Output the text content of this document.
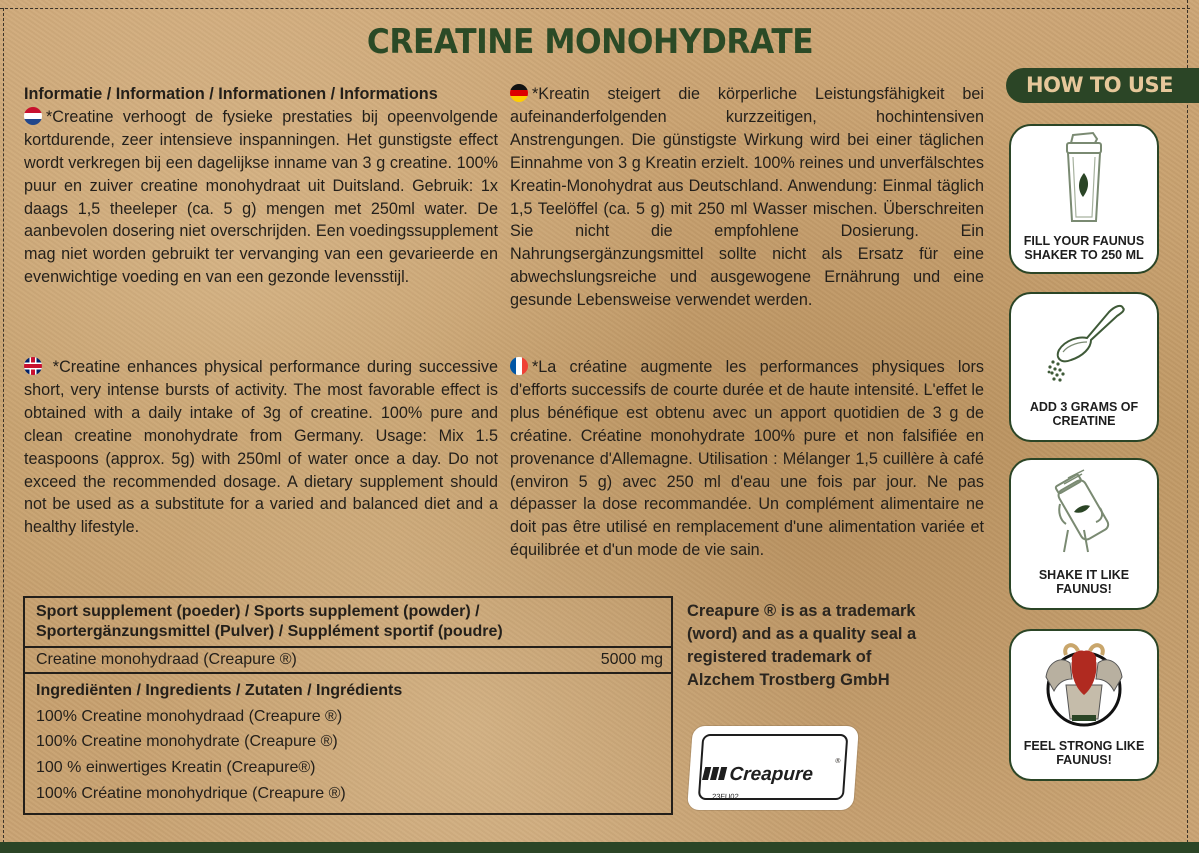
CREATINE MONOHYDRATE
Informatie / Information / Informationen / Informations

*Creatine verhoogt de fysieke prestaties bij opeenvolgende kortdurende, zeer intensieve inspanningen. Het gunstigste effect wordt verkregen bij een dagelijkse inname van 3 g creatine. 100% puur en zuiver creatine monohydraat uit Duitsland. Gebruik: 1x daags 1,5 theeleper (ca. 5 g) mengen met 250ml water. De aanbevolen dosering niet overschrijden. Een voedingssupplement mag niet worden gebruikt ter vervanging van een gevarieerde en evenwichtige voeding en van een gezonde levensstijl.

*Kreatin steigert die körperliche Leistungsfähigkeit bei aufeinanderfolgenden kurzzeitigen, hochintensiven Anstrengungen. Die günstigste Wirkung wird bei einer täglichen Einnahme von 3 g Kreatin erzielt. 100% reines und unverfälschtes Kreatin-Monohydrat aus Deutschland. Anwendung: Einmal täglich 1,5 Teelöffel (ca. 5 g) mit 250 ml Wasser mischen. Überschreiten Sie nicht die empfohlene Dosierung. Ein Nahrungsergänzungsmittel sollte nicht als Ersatz für eine abwechslungsreiche und ausgewogene Ernährung und eine gesunde Lebensweise verwendet werden.

*Creatine enhances physical performance during successive short, very intense bursts of activity. The most favorable effect is obtained with a daily intake of 3g of creatine. 100% pure and clean creatine monohydrate from Germany. Usage: Mix 1.5 teaspoons (approx. 5g) with 250ml of water once a day. Do not exceed the recommended dosage. A dietary supplement should not be used as a substitute for a varied and balanced diet and a healthy lifestyle.

*La créatine augmente les performances physiques lors d'efforts successifs de courte durée et de haute intensité. L'effet le plus bénéfique est obtenu avec un apport quotidien de 3 g de créatine. Créatine monohydrate 100% pure et non falsifiée en provenance d'Allemagne. Utilisation : Mélanger 1,5 cuillère à café (environ 5 g) avec 250 ml d'eau une fois par jour. Ne pas dépasser la dose recommandée. Un complément alimentaire ne doit pas être utilisé en remplacement d'une alimentation variée et équilibrée et d'un mode de vie sain.

Sport supplement (poeder) / Sports supplement (powder) /
Sportergänzungsmittel (Pulver) / Supplément sportif (poudre)
Creatine monohydraad (Creapure ®)	5000 mg
Ingrediënten / Ingredients / Zutaten / Ingrédients
100% Creatine monohydraad (Creapure ®)
100% Creatine monohydrate (Creapure ®)
100 % einwertiges Kreatin (Creapure®)
100% Créatine monohydrique (Creapure ®)
Creapure ® is as a trademark (word) and as a quality seal a registered trademark of Alzchem Trostberg GmbH
Creapure
®
23FU02
HOW TO USE
FILL YOUR FAUNUS SHAKER TO 250 ML
ADD 3 GRAMS OF CREATINE
SHAKE IT LIKE FAUNUS!
FEEL STRONG LIKE FAUNUS!
